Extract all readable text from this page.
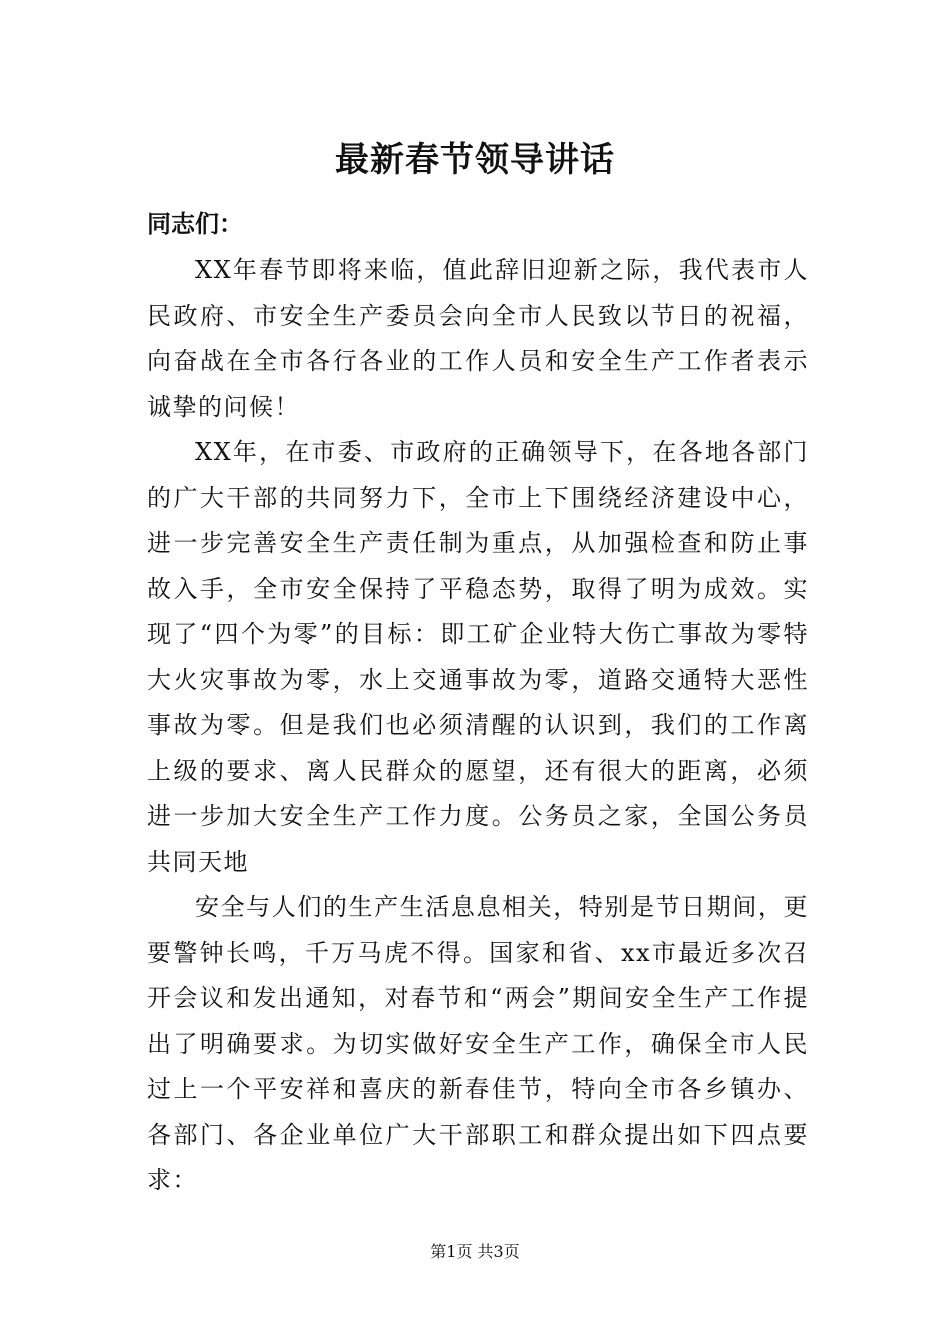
最新春节领导讲话
同志们：

XX年春节即将来临，值此辞旧迎新之际，我代表市人民政府、市安全生产委员会向全市人民致以节日的祝福，向奋战在全市各行各业的工作人员和安全生产工作者表示诚挚的问候！

XX年，在市委、市政府的正确领导下，在各地各部门的广大干部的共同努力下，全市上下围绕经济建设中心，进一步完善安全生产责任制为重点，从加强检查和防止事故入手，全市安全保持了平稳态势，取得了明为成效。实现了“四个为零”的目标：即工矿企业特大伤亡事故为零特大火灾事故为零，水上交通事故为零，道路交通特大恶性事故为零。但是我们也必须清醒的认识到，我们的工作离上级的要求、离人民群众的愿望，还有很大的距离，必须进一步加大安全生产工作力度。公务员之家，全国公务员共同天地

安全与人们的生产生活息息相关，特别是节日期间，更要警钟长鸣，千万马虎不得。国家和省、xx市最近多次召开会议和发出通知，对春节和“两会”期间安全生产工作提出了明确要求。为切实做好安全生产工作，确保全市人民过上一个平安祥和喜庆的新春佳节，特向全市各乡镇办、各部门、各企业单位广大干部职工和群众提出如下四点要求：

第1页 共3页
